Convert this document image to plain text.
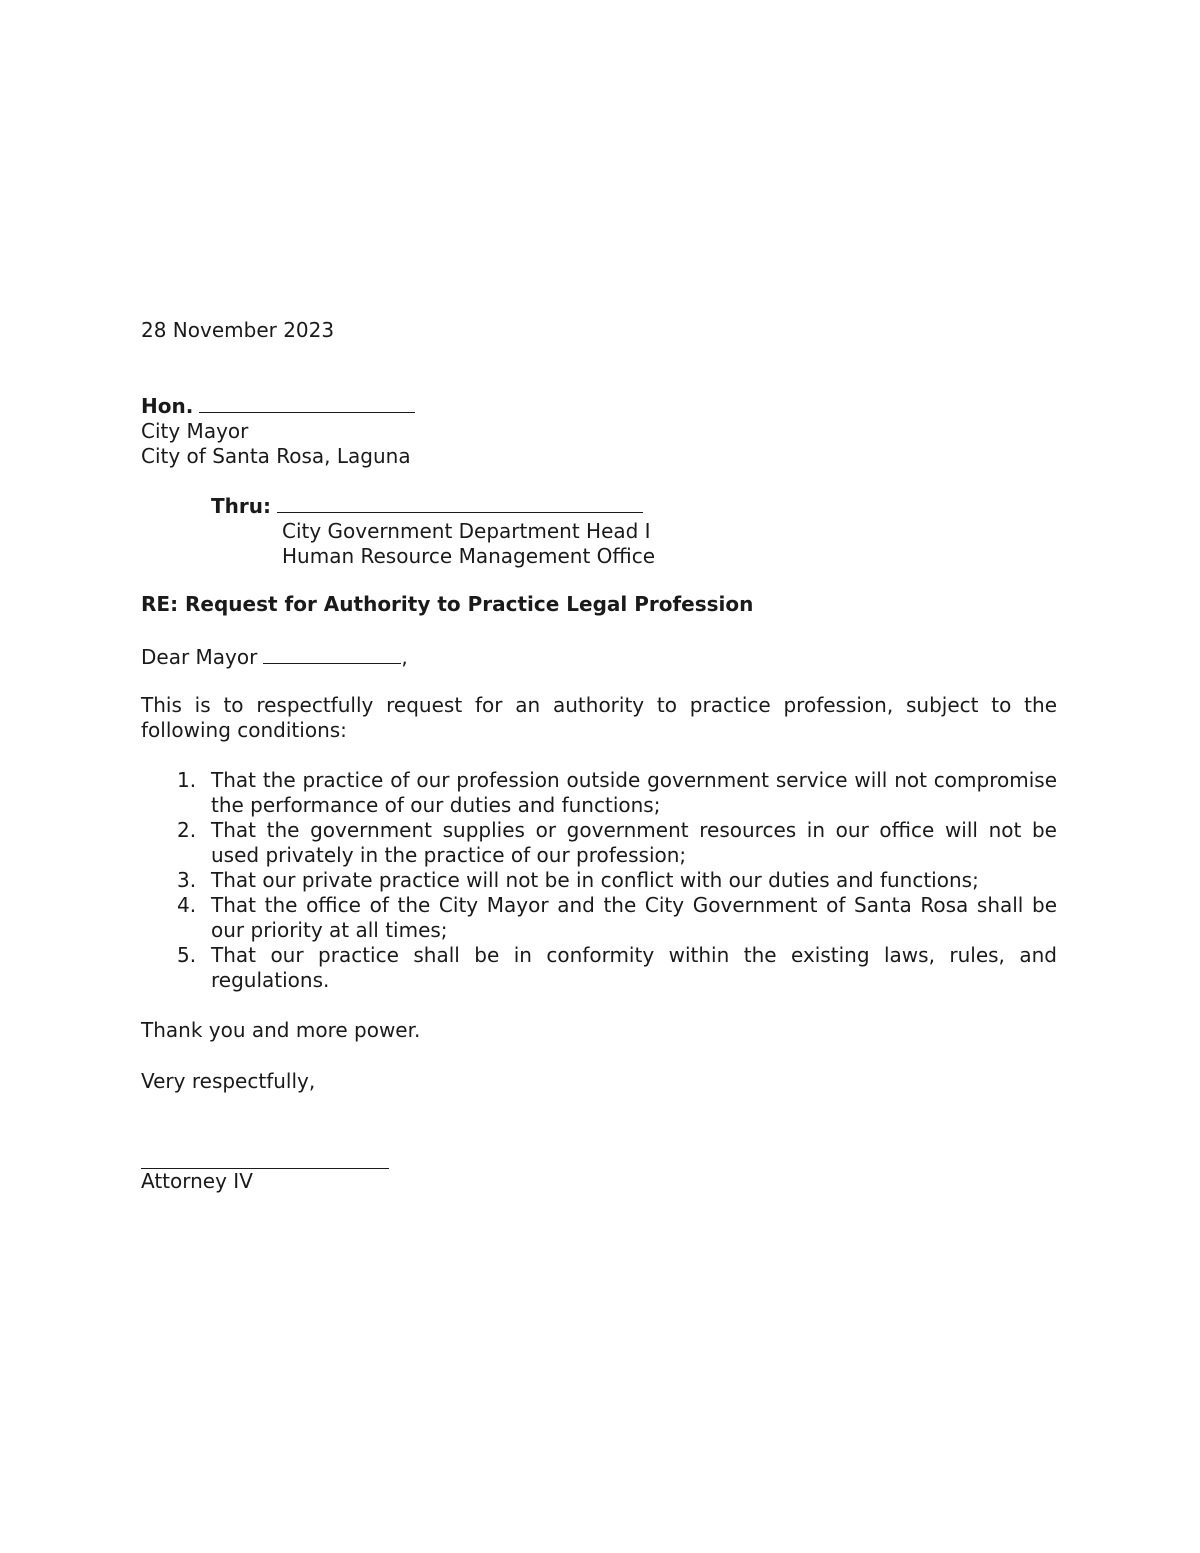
28 November 2023
Hon.
City Mayor
City of Santa Rosa, Laguna
Thru:
City Government Department Head I
Human Resource Management Office
RE: Request for Authority to Practice Legal Profession
Dear Mayor	,
This is to respectfully request for an authority to practice profession, subject to the following conditions:
1. That the practice of our profession outside government service will not compromise the performance of our duties and functions;
2. That the government supplies or government resources in our office will not be used privately in the practice of our profession;
3. That our private practice will not be in conflict with our duties and functions;
4. That the office of the City Mayor and the City Government of Santa Rosa shall be our priority at all times;
5. That our practice shall be in conformity within the existing laws, rules, and regulations.
Thank you and more power.
Very respectfully,
Attorney IV
